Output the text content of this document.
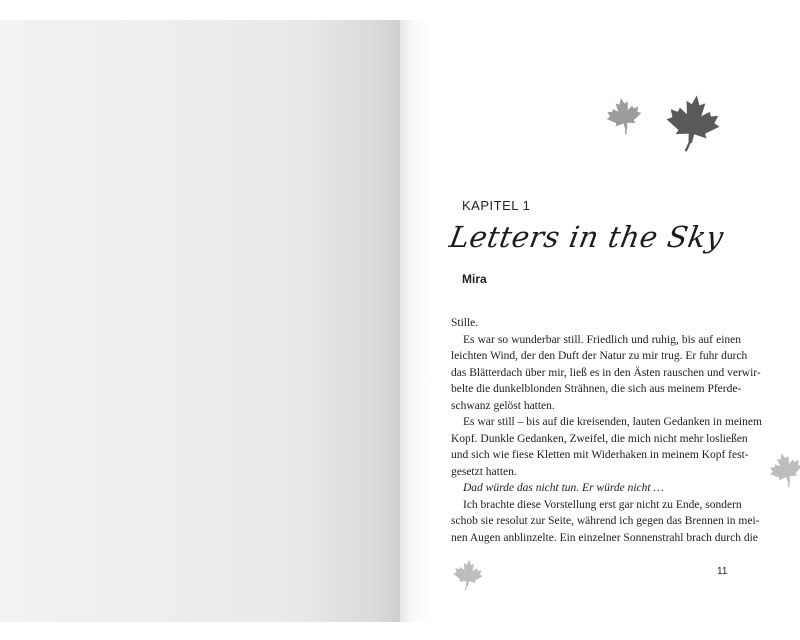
KAPITEL 1
Letters in the Sky
Mira
Stille.
Es war so wunderbar still. Friedlich und ruhig, bis auf einen
leichten Wind, der den Duft der Natur zu mir trug. Er fuhr durch
das Blätterdach über mir, ließ es in den Ästen rauschen und verwir-
belte die dunkelblonden Strähnen, die sich aus meinem Pferde-
schwanz gelöst hatten.
Es war still – bis auf die kreisenden, lauten Gedanken in meinem
Kopf. Dunkle Gedanken, Zweifel, die mich nicht mehr losließen
und sich wie fiese Kletten mit Widerhaken in meinem Kopf fest-
gesetzt hatten.
Dad würde das nicht tun. Er würde nicht …
Ich brachte diese Vorstellung erst gar nicht zu Ende, sondern
schob sie resolut zur Seite, während ich gegen das Brennen in mei-
nen Augen anblinzelte. Ein einzelner Sonnenstrahl brach durch die
11
